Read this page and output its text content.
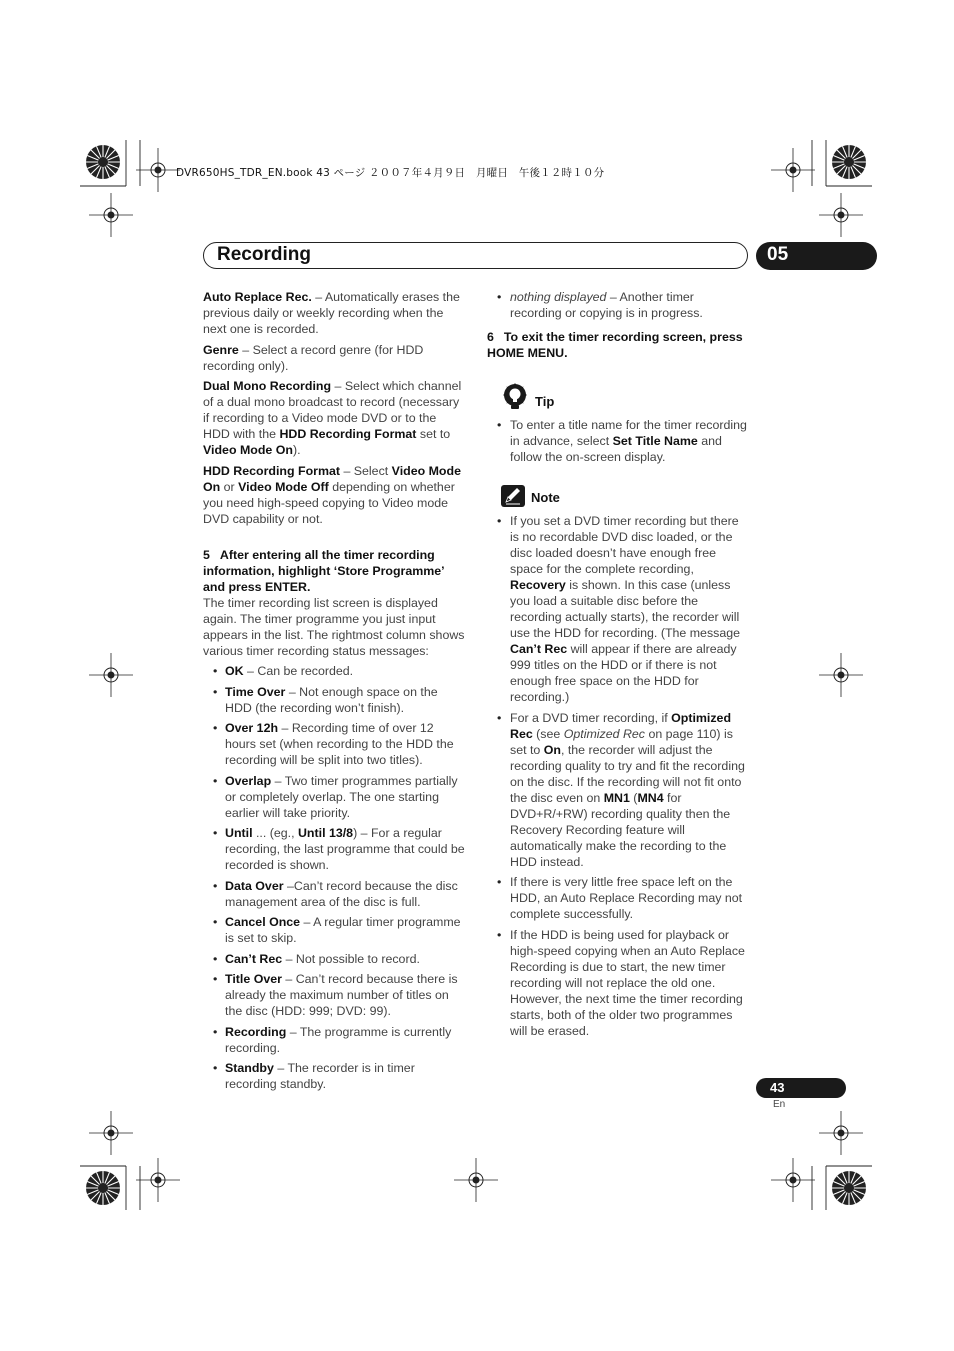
DVR650HS_TDR_EN.book 43 ページ ２００７年４月９日　月曜日　午後１２時１０分
Recording	05

Auto Replace Rec. – Automatically erases the previous daily or weekly recording when the next one is recorded.

Genre – Select a record genre (for HDD recording only).

Dual Mono Recording – Select which channel of a dual mono broadcast to record (necessary if recording to a Video mode DVD or to the HDD with the HDD Recording Format set to Video Mode On).

HDD Recording Format – Select Video Mode On or Video Mode Off depending on whether you need high-speed copying to Video mode DVD capability or not.

5 After entering all the timer recording information, highlight ‘Store Programme’ and press ENTER.

The timer recording list screen is displayed again. The timer programme you just input appears in the list. The rightmost column shows various timer recording status messages:

• OK – Can be recorded.
• Time Over – Not enough space on the HDD (the recording won’t finish).
• Over 12h – Recording time of over 12 hours set (when recording to the HDD the recording will be split into two titles).
• Overlap – Two timer programmes partially or completely overlap. The one starting earlier will take priority.
• Until ... (eg., Until 13/8) – For a regular recording, the last programme that could be recorded is shown.
• Data Over –Can’t record because the disc management area of the disc is full.
• Cancel Once – A regular timer programme is set to skip.
• Can’t Rec – Not possible to record.
• Title Over – Can’t record because there is already the maximum number of titles on the disc (HDD: 999; DVD: 99).
• Recording – The programme is currently recording.
• Standby – The recorder is in timer recording standby.
• nothing displayed – Another timer recording or copying is in progress.

6 To exit the timer recording screen, press HOME MENU.

Tip
• To enter a title name for the timer recording in advance, select Set Title Name and follow the on-screen display.
Note
• If you set a DVD timer recording but there is no recordable DVD disc loaded, or the disc loaded doesn’t have enough free space for the complete recording, Recovery is shown. In this case (unless you load a suitable disc before the recording actually starts), the recorder will use the HDD for recording. (The message Can’t Rec will appear if there are already 999 titles on the HDD or if there is not enough free space on the HDD for recording.)
• For a DVD timer recording, if Optimized Rec (see Optimized Rec on page 110) is set to On, the recorder will adjust the recording quality to try and fit the recording on the disc. If the recording will not fit onto the disc even on MN1 (MN4 for DVD+R/+RW) recording quality then the Recovery Recording feature will automatically make the recording to the HDD instead.
• If there is very little free space left on the HDD, an Auto Replace Recording may not complete successfully.
• If the HDD is being used for playback or high-speed copying when an Auto Replace Recording is due to start, the new timer recording will not replace the old one. However, the next time the timer recording starts, both of the older two programmes will be erased.
43
En
